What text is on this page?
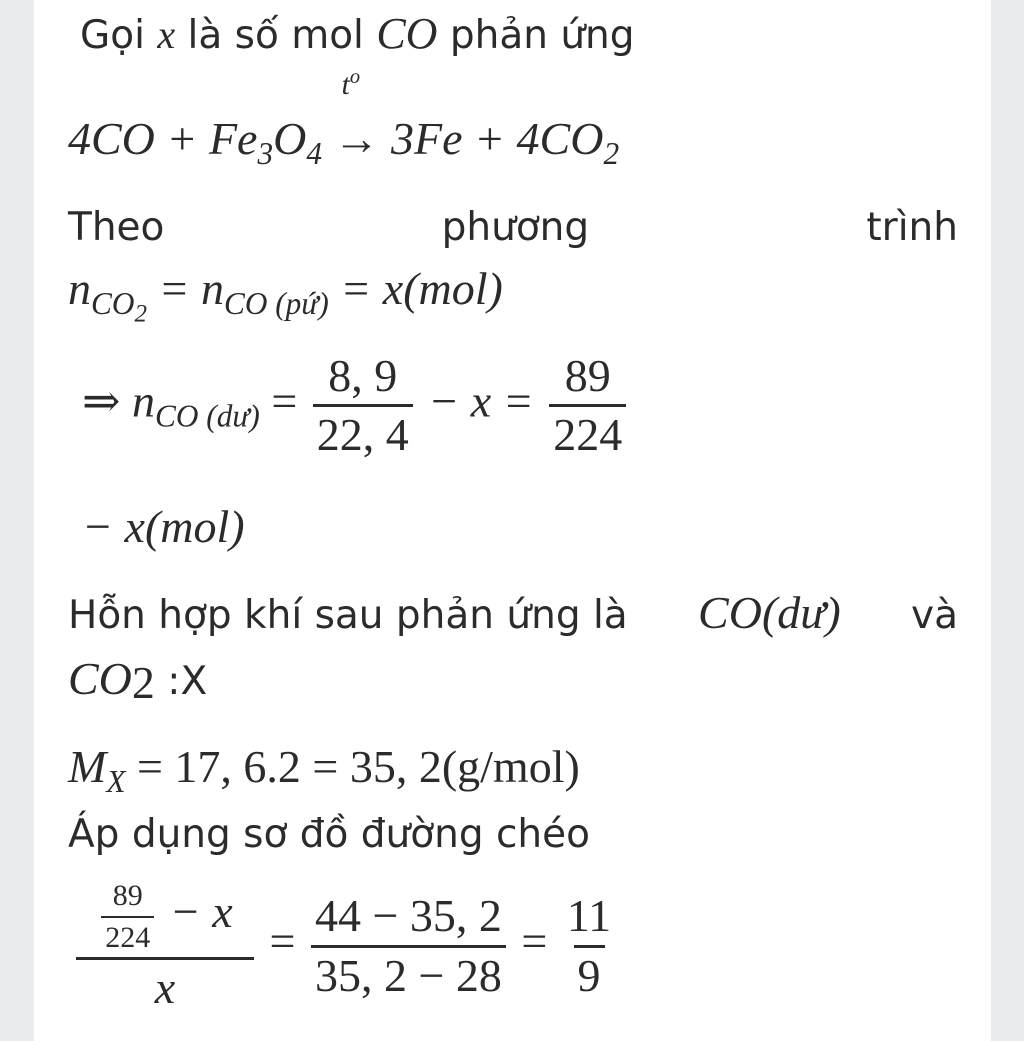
Gọi x là số mol CO phản ứng
$4CO + Fe_3O_4$
$t^o$
→ $3Fe + 4CO_2$
Theo	phương	trình
$n_{CO_2} = n_{CO (pứ)} = x(mol)$
⇒ $n_{CO (dư)} = \frac{8, 9}{22, 4} - x = \frac{89}{224}$
− x(mol)
Hỗn hợp khí sau phản ứng là CO(dư) và
$CO_2$ :X
$M_X = 17$, 6.2 = 35, 2(g/mol)
Áp dụng sơ đồ đường chéo
$\frac{\frac{89}{224} - x}{x} = \frac{44 - 35, 2}{35, 2 - 28} = \frac{11}{9}$
